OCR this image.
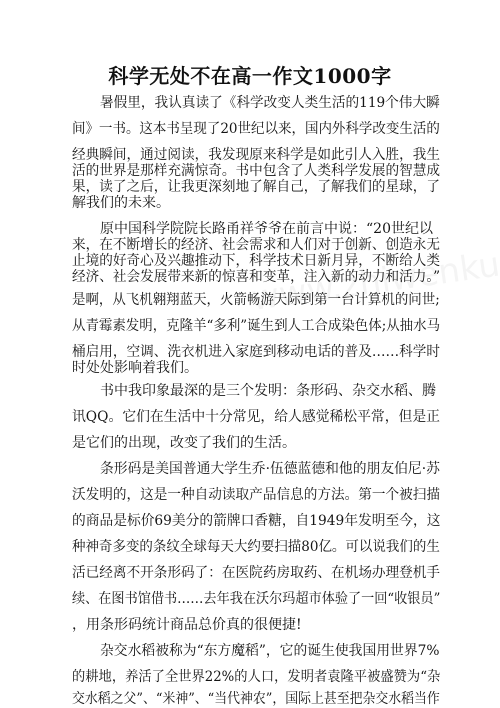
科学无处不在高一作文1000字
暑假里，我认真读了《科学改变人类生活的119个伟大瞬
间》一书。这本书呈现了20世纪以来，国内外科学改变生活的
经典瞬间，通过阅读，我发现原来科学是如此引人入胜，我生
活的世界是那样充满惊奇。书中包含了人类科学发展的智慧成
果，读了之后，让我更深刻地了解自己，了解我们的星球，了
解我们的未来。
原中国科学院院长路甬祥爷爷在前言中说：“20世纪以
来，在不断增长的经济、社会需求和人们对于创新、创造永无
止境的好奇心及兴趣推动下，科学技术日新月异，不断给人类
经济、社会发展带来新的惊喜和变革，注入新的动力和活力。”
是啊，从飞机翱翔蓝天，火箭畅游天际到第一台计算机的问世;
从青霉素发明，克隆羊“多利”诞生到人工合成染色体;从抽水马
桶启用，空调、洗衣机进入家庭到移动电话的普及……科学时
时处处影响着我们。
书中我印象最深的是三个发明：条形码、杂交水稻、腾
讯QQ。它们在生活中十分常见，给人感觉稀松平常，但是正
是它们的出现，改变了我们的生活。
条形码是美国普通大学生乔·伍德蓝德和他的朋友伯尼·苏
沃发明的，这是一种自动读取产品信息的方法。第一个被扫描
的商品是标价69美分的箭牌口香糖，自1949年发明至今，这
种神奇多变的条纹全球每天大约要扫描80亿。可以说我们的生
活已经离不开条形码了：在医院药房取药、在机场办理登机手
续、在图书馆借书……去年我在沃尔玛超市体验了一回“收银员”
，用条形码统计商品总价真的很便捷!
杂交水稻被称为“东方魔稻”，它的诞生使我国用世界7%
的耕地，养活了全世界22%的人口，发明者袁隆平被盛赞为“杂
交水稻之父”、“米神”、“当代神农”，国际上甚至把杂交水稻当作
